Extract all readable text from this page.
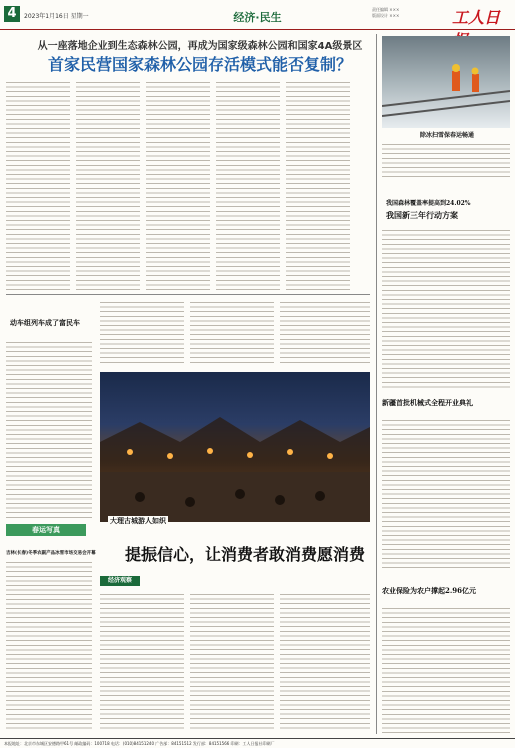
4	2023年1月16日 星期一	经济·民生
责任编辑 ×××
版面设计 ×××	工人日
从一座落地企业到生态森林公园，再成为国家级森林公园和国家4A级景区
首家民营国家森林公园存活模式能否复制？
动车组列车成了富民车
春运写真
吉林(长春)冬季农副产品冰雪市场交易会开幕
大理古城游人如织
提振信心，让消费者敢消费愿消费
经济观察
除冰扫雪保春运畅通
我国森林覆盖率提高到24.02%
我国新三年行动方案
新疆首批机械式全程开业典礼
农业保险为农户撑起2.96亿元
本报地址：北京市东城区安德路甲61号 邮政编码：100718 电话：(010)84151240 广告部：84151512 发行部：84151566 印刷：工人日报社印刷厂
